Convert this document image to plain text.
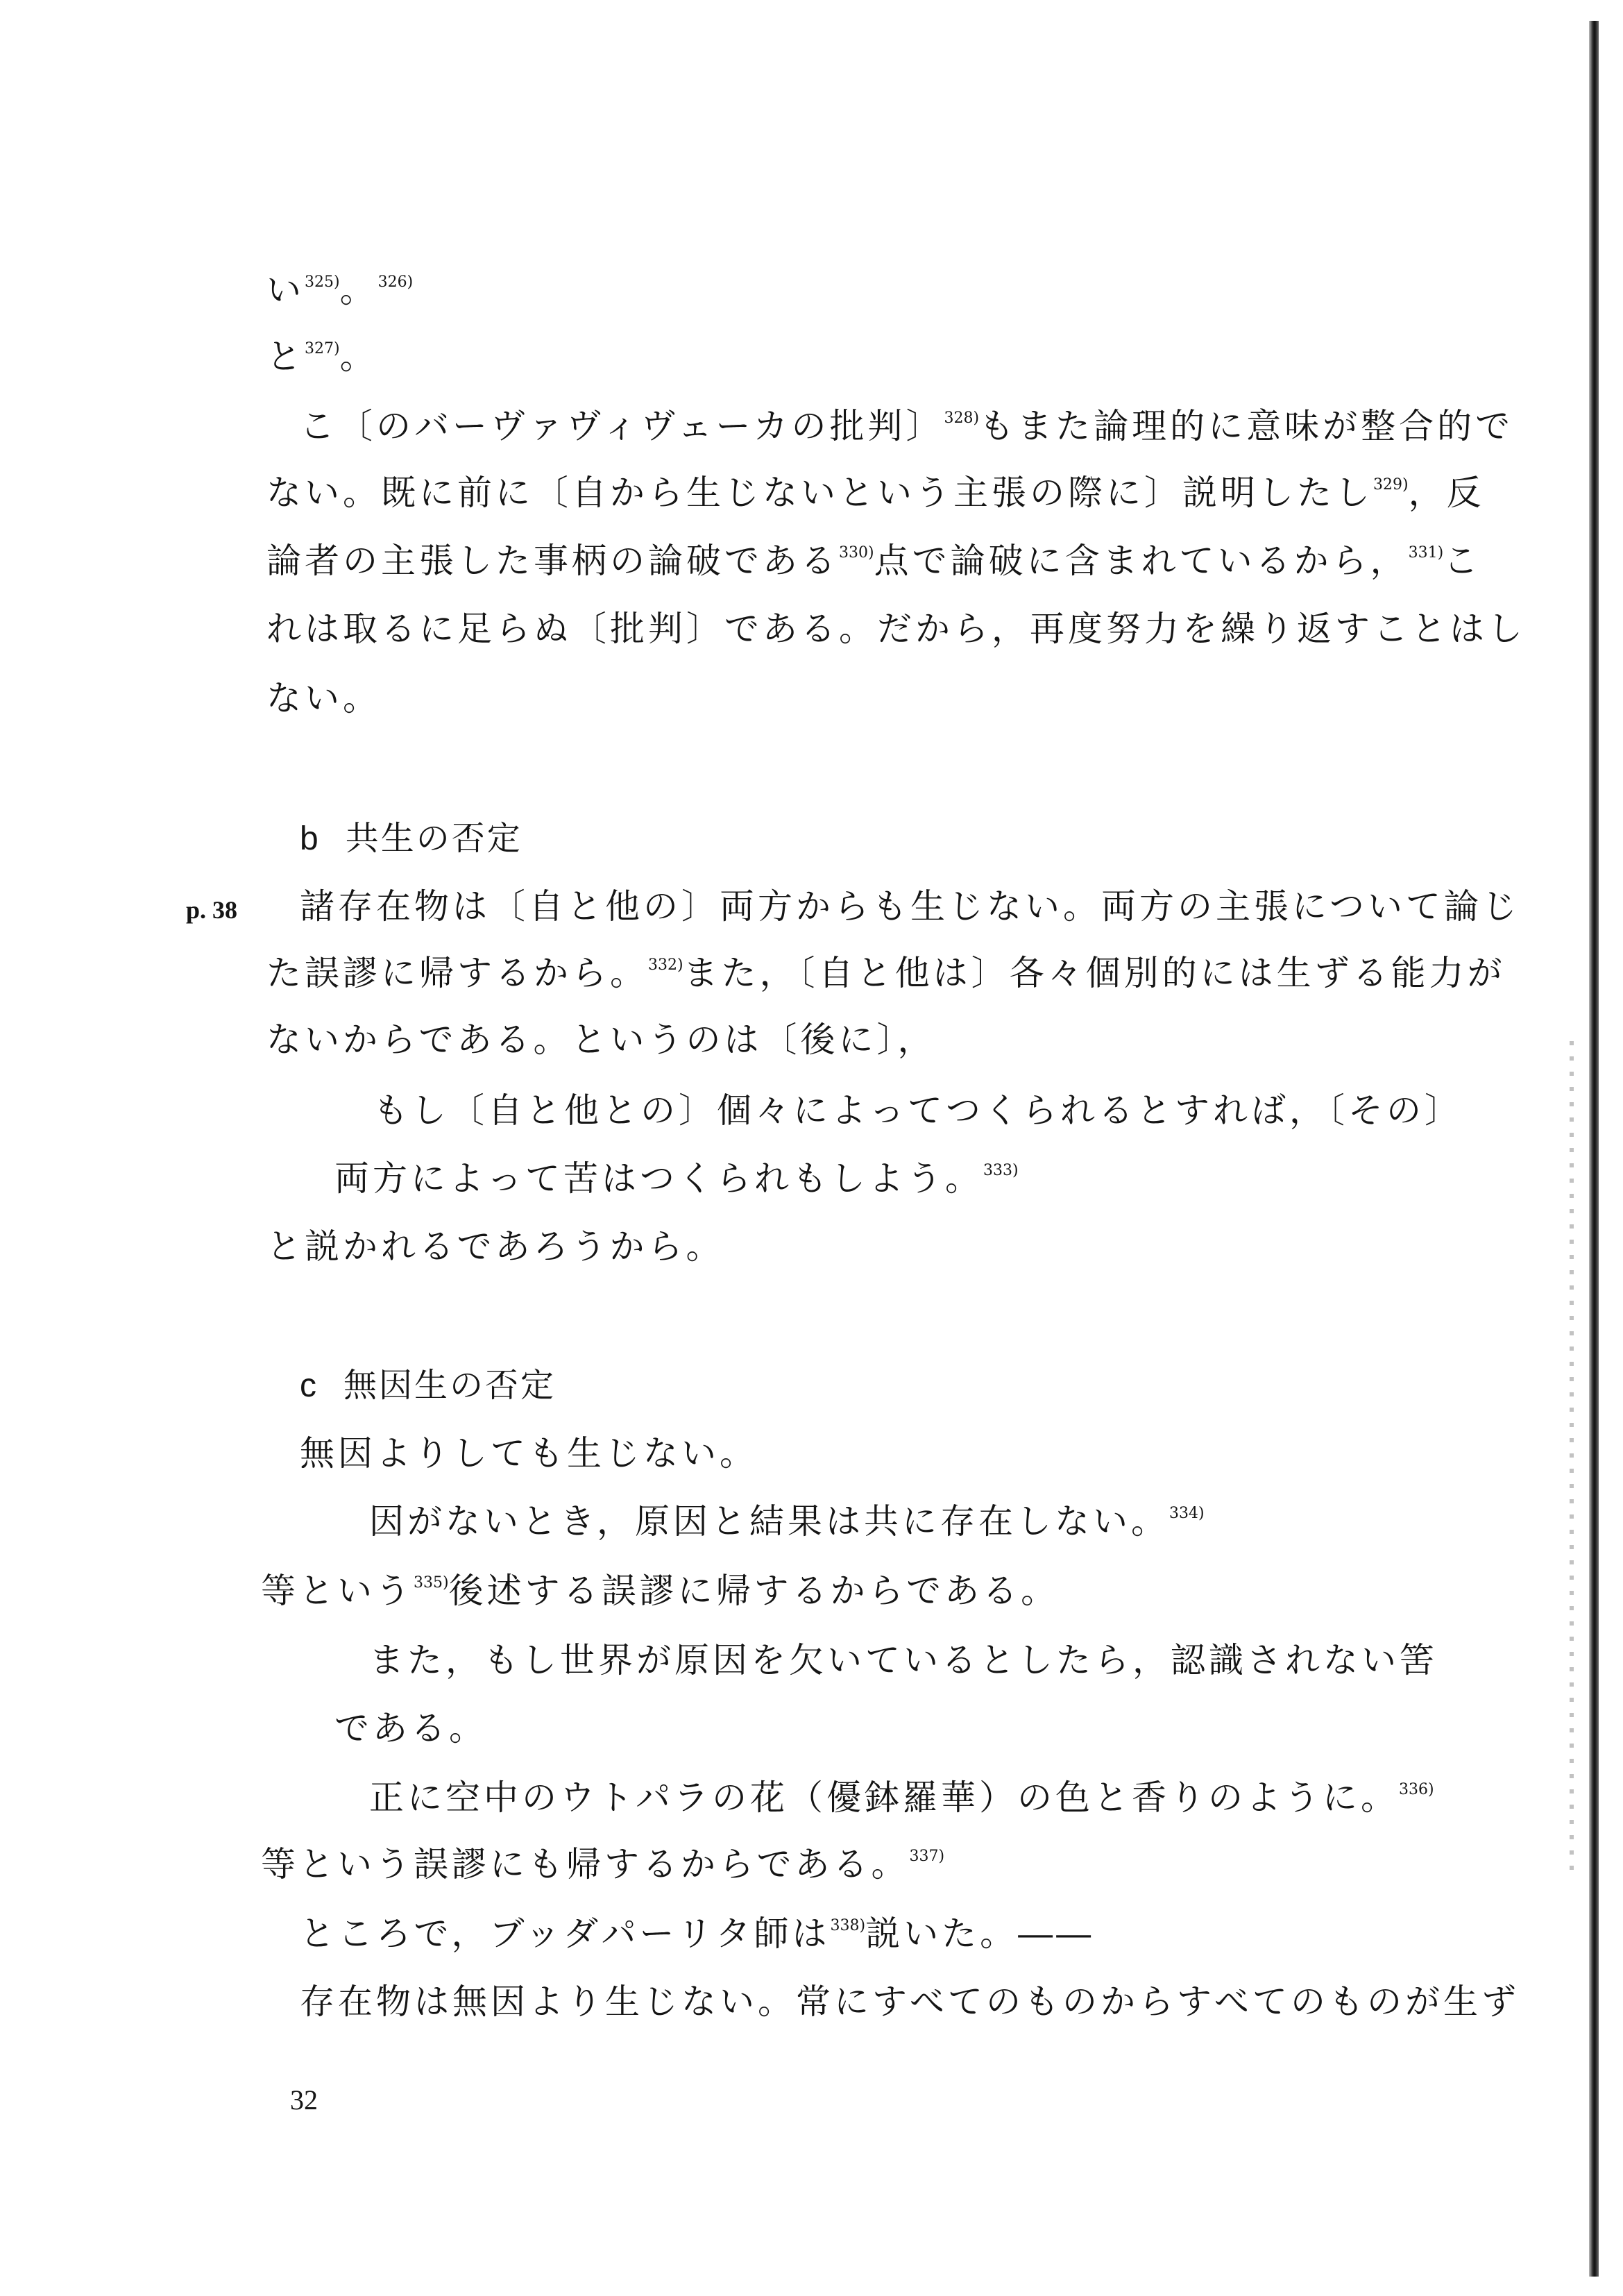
い$^{325)}$。$^{326)}$
と$^{327)}$。
こ〔のバーヴァヴィヴェーカの批判〕$^{328)}$もまた論理的に意味が整合的で
ない。既に前に〔自から生じないという主張の際に〕説明したし$^{329)}$，反
論者の主張した事柄の論破である$^{330)}$点で論破に含まれているから，$^{331)}$こ
れは取るに足らぬ〔批判〕である。だから，再度努力を繰り返すことはし
ない。
b 共生の否定
p. 38 諸存在物は〔自と他の〕両方からも生じない。両方の主張について論じ
た誤謬に帰するから。$^{332)}$また，〔自と他は〕各々個別的には生ずる能力が
ないからである。というのは〔後に〕，
もし〔自と他との〕個々によってつくられるとすれば，〔その〕
両方によって苦はつくられもしよう。$^{333)}$
と説かれるであろうから。
c 無因生の否定
無因よりしても生じない。
因がないとき，原因と結果は共に存在しない。$^{334)}$
等という$^{335)}$後述する誤謬に帰するからである。
また，もし世界が原因を欠いているとしたら，認識されない筈
である。
正に空中のウトパラの花（優鉢羅華）の色と香りのように。$^{336)}$
等という誤謬にも帰するからである。$^{337)}$
ところで，ブッダパーリタ師は$^{338)}$説いた。――
存在物は無因より生じない。常にすべてのものからすべてのものが生ず
32
